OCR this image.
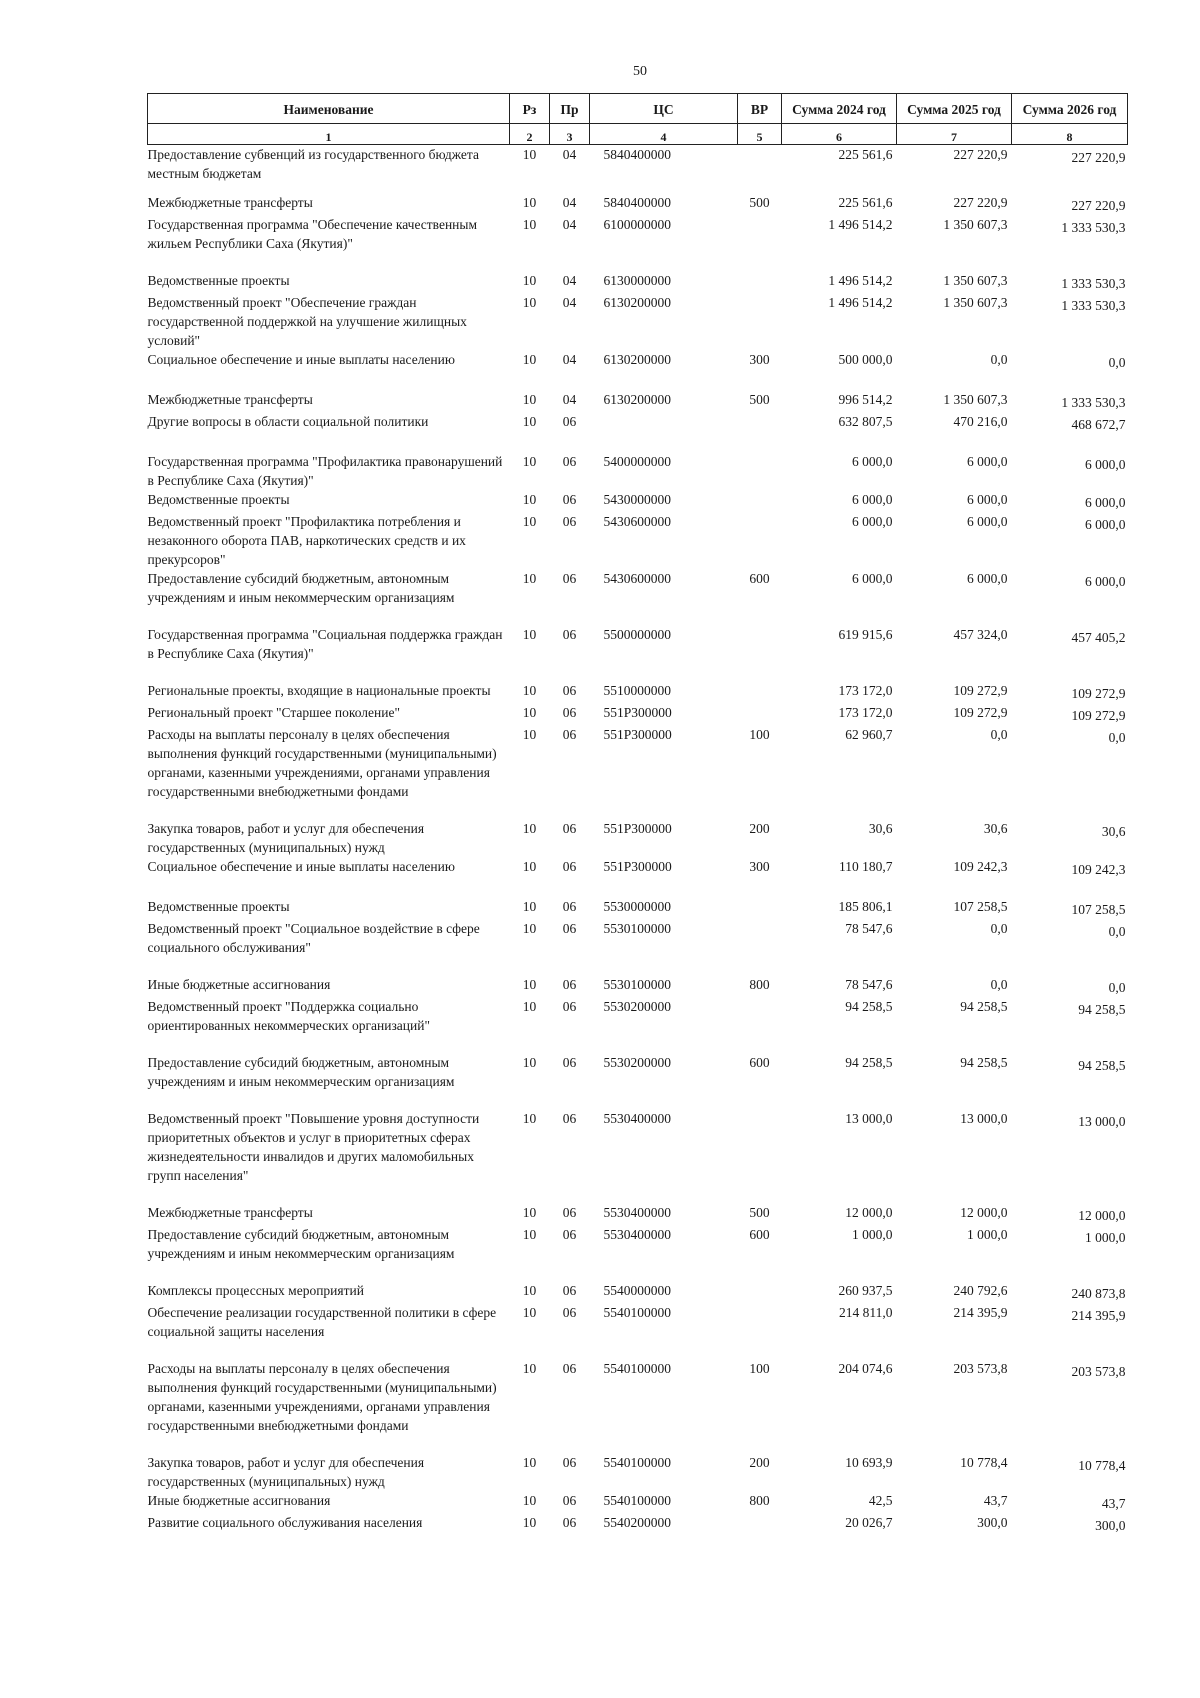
50
Наименование	Рз	Пр	ЦС	ВР	Сумма 2024 год	Сумма 2025 год	Сумма 2026 год
1	2	3	4	5	6	7	8
Предоставление субвенций из государственного бюджета местным бюджетам	10	04	5840400000		225 561,6	227 220,9	227 220,9
Межбюджетные трансферты	10	04	5840400000	500	225 561,6	227 220,9	227 220,9
Государственная программа "Обеспечение качественным жильем Республики Саха (Якутия)"	10	04	6100000000		1 496 514,2	1 350 607,3	1 333 530,3
Ведомственные проекты	10	04	6130000000		1 496 514,2	1 350 607,3	1 333 530,3
Ведомственный проект "Обеспечение граждан государственной поддержкой на улучшение жилищных условий"	10	04	6130200000		1 496 514,2	1 350 607,3	1 333 530,3
Социальное обеспечение и иные выплаты населению	10	04	6130200000	300	500 000,0	0,0	0,0
Межбюджетные трансферты	10	04	6130200000	500	996 514,2	1 350 607,3	1 333 530,3
Другие вопросы в области социальной политики	10	06			632 807,5	470 216,0	468 672,7
Государственная программа "Профилактика правонарушений в Республике Саха (Якутия)"	10	06	5400000000		6 000,0	6 000,0	6 000,0
Ведомственные проекты	10	06	5430000000		6 000,0	6 000,0	6 000,0
Ведомственный проект "Профилактика потребления и незаконного оборота ПАВ, наркотических средств и их прекурсоров"	10	06	5430600000		6 000,0	6 000,0	6 000,0
Предоставление субсидий бюджетным, автономным учреждениям и иным некоммерческим организациям	10	06	5430600000	600	6 000,0	6 000,0	6 000,0
Государственная программа "Социальная поддержка граждан в Республике Саха (Якутия)"	10	06	5500000000		619 915,6	457 324,0	457 405,2
Региональные проекты, входящие в национальные проекты	10	06	5510000000		173 172,0	109 272,9	109 272,9
Региональный проект "Старшее поколение"	10	06	551P300000		173 172,0	109 272,9	109 272,9
Расходы на выплаты персоналу в целях обеспечения выполнения функций государственными (муниципальными) органами, казенными учреждениями, органами управления государственными внебюджетными фондами	10	06	551P300000	100	62 960,7	0,0	0,0
Закупка товаров, работ и услуг для обеспечения государственных (муниципальных) нужд	10	06	551P300000	200	30,6	30,6	30,6
Социальное обеспечение и иные выплаты населению	10	06	551P300000	300	110 180,7	109 242,3	109 242,3
Ведомственные проекты	10	06	5530000000		185 806,1	107 258,5	107 258,5
Ведомственный проект "Социальное воздействие в сфере социального обслуживания"	10	06	5530100000		78 547,6	0,0	0,0
Иные бюджетные ассигнования	10	06	5530100000	800	78 547,6	0,0	0,0
Ведомственный проект "Поддержка социально ориентированных некоммерческих организаций"	10	06	5530200000		94 258,5	94 258,5	94 258,5
Предоставление субсидий бюджетным, автономным учреждениям и иным некоммерческим организациям	10	06	5530200000	600	94 258,5	94 258,5	94 258,5
Ведомственный проект "Повышение уровня доступности приоритетных объектов и услуг в приоритетных сферах жизнедеятельности инвалидов и других маломобильных групп населения"	10	06	5530400000		13 000,0	13 000,0	13 000,0
Межбюджетные трансферты	10	06	5530400000	500	12 000,0	12 000,0	12 000,0
Предоставление субсидий бюджетным, автономным учреждениям и иным некоммерческим организациям	10	06	5530400000	600	1 000,0	1 000,0	1 000,0
Комплексы процессных мероприятий	10	06	5540000000		260 937,5	240 792,6	240 873,8
Обеспечение реализации государственной политики в сфере социальной защиты населения	10	06	5540100000		214 811,0	214 395,9	214 395,9
Расходы на выплаты персоналу в целях обеспечения выполнения функций государственными (муниципальными) органами, казенными учреждениями, органами управления государственными внебюджетными фондами	10	06	5540100000	100	204 074,6	203 573,8	203 573,8
Закупка товаров, работ и услуг для обеспечения государственных (муниципальных) нужд	10	06	5540100000	200	10 693,9	10 778,4	10 778,4
Иные бюджетные ассигнования	10	06	5540100000	800	42,5	43,7	43,7
Развитие социального обслуживания населения	10	06	5540200000		20 026,7	300,0	300,0
